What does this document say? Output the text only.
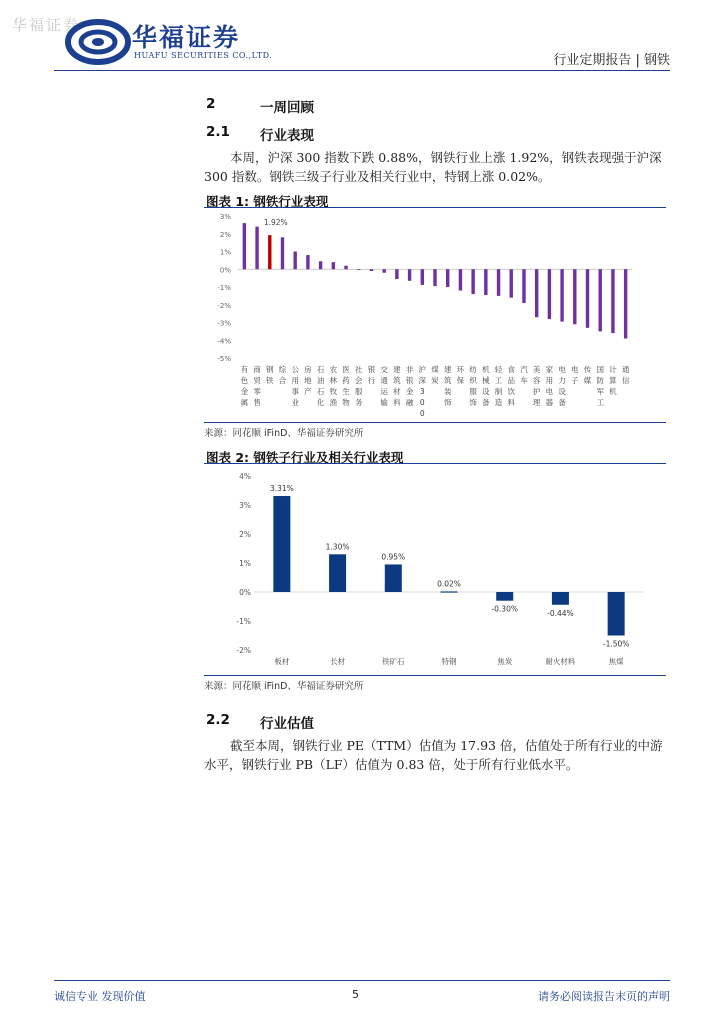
华福证券 华福证券
HUAFU SECURITIES CO.,LTD.	行业定期报告 | 钢铁
2	一周回顾
2.1 行业表现
本周，沪深 300 指数下跌 0.88%，钢铁行业上涨 1.92%，钢铁表现强于沪深 300 指数。钢铁三级子行业及相关行业中，特钢上涨 0.02%。
图表 1: 钢铁行业表现
3%
2%
1%
0%
-1%
-2%
-3%
-4%
-5%
有
色
金
属
商
贸
零
售
钢
铁
综
合
公
用
事
业
房
地
产
石
油
石
化
农
林
牧
渔
医
药
生
物
社
会
服
务
银
行
交
通
运
输
建
筑
材
料
非
银
金
融
沪
深
3
0
0
煤
炭
建
筑
装
饰
环
保
纺
织
服
饰
机
械
设
备
轻
工
制
造
食
品
饮
料
汽
车
美
容
护
理
家
用
电
器
电
力
设
备
电
子
传
媒
国
防
军
工
计
算
机
通
信
1.92%
来源：同花顺 iFinD、华福证券研究所
图表 2: 钢铁子行业及相关行业表现
4%
3%
2%
1%
0%
-1%
-2%
3.31%
板材
1.30%
长材
0.95%
铁矿石
0.02%
特钢
-0.30%
焦炭
-0.44%
耐火材料
-1.50%
焦煤
来源：同花顺 iFinD、华福证券研究所
2.2 行业估值
截至本周，钢铁行业 PE（TTM）估值为 17.93 倍，估值处于所有行业的中游水平，钢铁行业 PB（LF）估值为 0.83 倍，处于所有行业低水平。
诚信专业 发现价值	5	请务必阅读报告末页的声明
